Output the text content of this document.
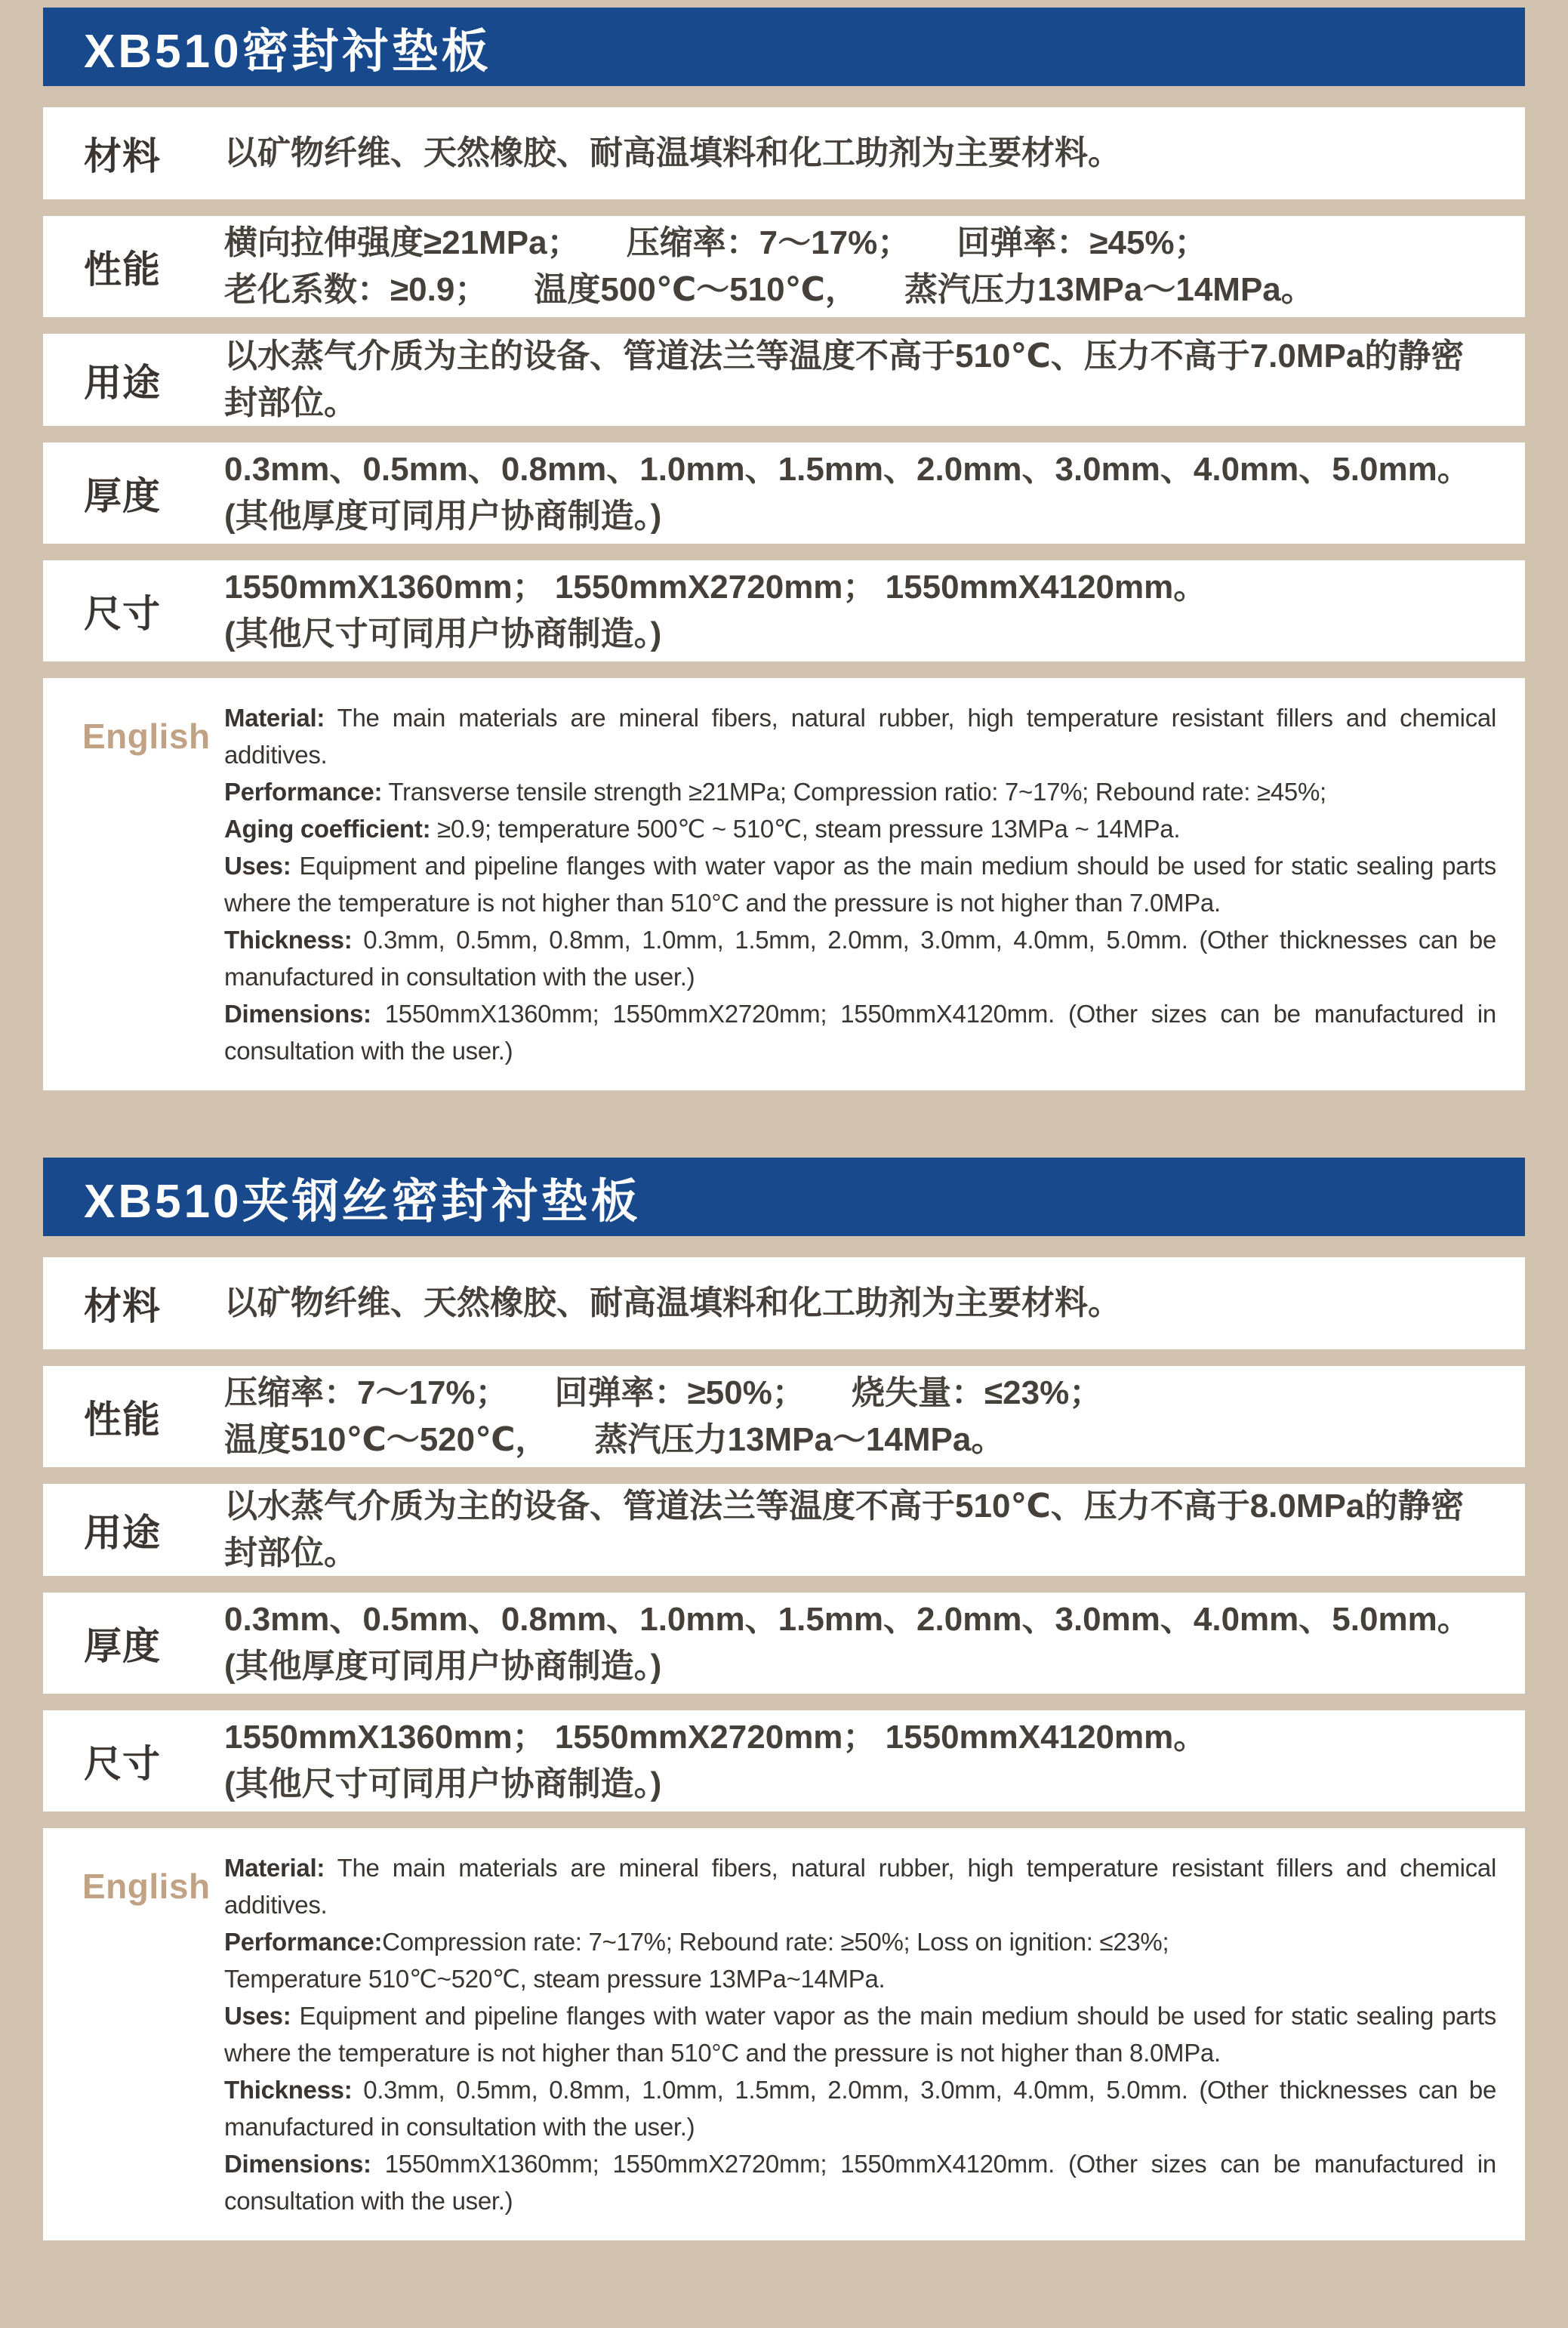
XB510密封衬垫板
材料	以矿物纤维、天然橡胶、耐高温填料和化工助剂为主要材料。
性能
横向拉伸强度≥21MPa；     压缩率：7～17%；     回弹率：≥45%；
老化系数：≥0.9；     温度500℃～510℃，     蒸汽压力13MPa～14MPa。
用途
以水蒸气介质为主的设备、管道法兰等温度不高于510℃、压力不高于7.0MPa的静密封部位。
厚度
0.3mm、0.5mm、0.8mm、1.0mm、1.5mm、2.0mm、3.0mm、4.0mm、5.0mm。
(其他厚度可同用户协商制造。)
尺寸
1550mmX1360mm； 1550mmX2720mm； 1550mmX4120mm。
(其他尺寸可同用户协商制造。)
English Material: The main materials are mineral fibers, natural rubber, high temperature resistant fillers and chemical additives.

Performance: Transverse tensile strength ≥21MPa; Compression ratio: 7~17%; Rebound rate: ≥45%;

Aging coefficient: ≥0.9; temperature 500℃ ~ 510℃, steam pressure 13MPa ~ 14MPa.

Uses: Equipment and pipeline flanges with water vapor as the main medium should be used for static sealing parts where the temperature is not higher than 510°C and the pressure is not higher than 7.0MPa.

Thickness: 0.3mm, 0.5mm, 0.8mm, 1.0mm, 1.5mm, 2.0mm, 3.0mm, 4.0mm, 5.0mm. (Other thicknesses can be manufactured in consultation with the user.)

Dimensions: 1550mmX1360mm; 1550mmX2720mm; 1550mmX4120mm. (Other sizes can be manufactured in consultation with the user.)

XB510夹钢丝密封衬垫板
材料	以矿物纤维、天然橡胶、耐高温填料和化工助剂为主要材料。
性能
压缩率：7～17%；     回弹率：≥50%；     烧失量：≤23%；
温度510℃～520℃，     蒸汽压力13MPa～14MPa。
用途
以水蒸气介质为主的设备、管道法兰等温度不高于510℃、压力不高于8.0MPa的静密封部位。
厚度
0.3mm、0.5mm、0.8mm、1.0mm、1.5mm、2.0mm、3.0mm、4.0mm、5.0mm。
(其他厚度可同用户协商制造。)
尺寸
1550mmX1360mm； 1550mmX2720mm； 1550mmX4120mm。
(其他尺寸可同用户协商制造。)
English Material: The main materials are mineral fibers, natural rubber, high temperature resistant fillers and chemical additives.

Performance:Compression rate: 7~17%; Rebound rate: ≥50%; Loss on ignition: ≤23%;

Temperature 510℃~520℃, steam pressure 13MPa~14MPa.

Uses: Equipment and pipeline flanges with water vapor as the main medium should be used for static sealing parts where the temperature is not higher than 510°C and the pressure is not higher than 8.0MPa.

Thickness: 0.3mm, 0.5mm, 0.8mm, 1.0mm, 1.5mm, 2.0mm, 3.0mm, 4.0mm, 5.0mm. (Other thicknesses can be manufactured in consultation with the user.)

Dimensions: 1550mmX1360mm; 1550mmX2720mm; 1550mmX4120mm. (Other sizes can be manufactured in consultation with the user.)
